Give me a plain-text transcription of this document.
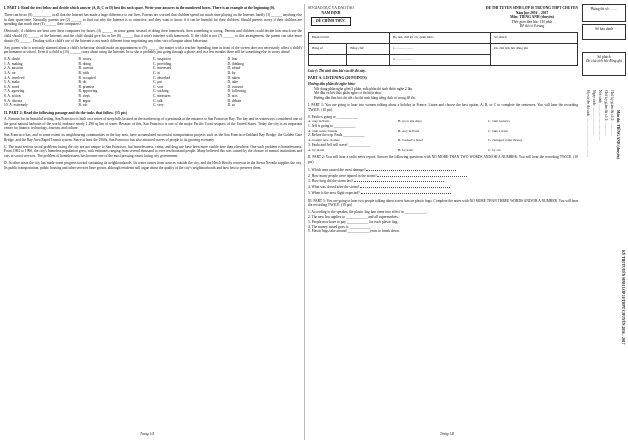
I. PART 1: Read the text below and decide which answer (A, B, C or D) best fits each space. Write your answers in the numbered boxes. There is an example at the beginning (0).

There can be no (0) __________ at all that the Internet has made a huge difference to our lives. Parents are worried that children spend too much time playing on the Internet, hardly (1) ______ anything else in their spare time. Naturally, parents are (2) ______ to find out why the Internet is so attractive, and they want to know if it can be harmful for their children. Should parents worry if their children are spending that much time (3) ______ their computers?

Obviously, if children are bent over their computers for hours, (4) ______ in some game, instead of doing their homework, then something is wrong. Parents and children could decide how much use the child should (5) ______ of the Internet, and the child should give his or her (6) ______ that it won't interfere with homework. If the child is not (7) ______ to this arrangement, the parent can take more drastic (8) ______ . Dealing with a child's use of the Internet is not much different from negotiating any other sort of bargain about behaviour.

Any parent who is seriously alarmed about a child's behaviour should make an appointment to (9) ______ the matter with a teacher. Spending time in front of the screen does not necessarily affect a child's performance at school. Even if a child is (10) ______ crazy about using the Internet, he or she is probably just going through a phase, and in a few months there will be something else to worry about!

0. A. doubt	B. worry	C. suspicion	D. fear
1. A. making	B. doing	C. providing	D. thinking
2. A. anxious	B. curious	C. interested	D. afraid
3. A. on	B. with	C. at	D. by
4. A. involved	B. occupied	C. absorbed	D. taken
5. A. make	B. do	C. put	D. take
6. A. word	B. promise	C. vow	D. consent
7. A. agreeing	B. approving	C. sticking	D. following
8. A. action	B. steps	C. measures	D. acts
9. A. discuss	B. argue	C. talk	D. debate
10. A. extremely	B. too	C. very	D. so

II. PART 2: Read the following passage and do the tasks that follow. (15 pts)

A. Famous for its beautiful setting, San Francisco is built on a series of steep hills located on the northern tip of a peninsula at the entrance to San Francisco Bay. The bay and its waterways, considered one of the great natural harbours of the world, embrace nearly 1,290 sq km of water. Because of this, San Francisco is one of the major Pacific Coast seaports of the United States. Today the city is an important center for finance, technology, tourism, and culture.

San Francisco has, and to some extent its neighbouring communities in the bay area, have accumulated successful transportation projects such as the San Francisco-Oakland Bay Bridge, the Golden Gate Bridge, and the Bay Area Rapid Transit system. Since at least the 1960s, San Francisco has also attracted waves of people to its growing economy.

C. The most serious social problems facing the city are not unique to San Francisco, but homelessness, crime, and drug use have been more visible here than elsewhere. One such problem is homelessness. From 1984 to 1990, the city's homeless population grew, with estimates ranging from several thousand to over ten thousand people. Many believed this was caused by the closure of mental institutions and cuts in social services. The problem of homelessness has become one of the most pressing issues facing city government.

D. In other areas the city has made some progress toward sustaining its neighbourhoods. Its water comes from sources outside the city, and the Hetch Hetchy reservoir in the Sierra Nevada supplies the city. Its public transportation, public housing and other services have grown, although residents still argue about the quality of the city's neighbourhoods and how best to preserve them.

Trang 1/4
SỞ GIÁO DỤC VÀ ĐÀO TẠO
NAM ĐỊNH
ĐỀ CHÍNH THỨC
ĐỀ THI TUYỂN SINH LỚP 10 TRƯỜNG THPT CHUYÊN
Năm học 2016 – 2017
Môn: TIẾNG ANH (chuyên)
Thời gian làm bài: 150 phút
Đề thi có 8 trang
Điểm bài thi		Họ tên, chữ ký các giám khảo	Số phách
Bằng số	Bằng chữ	1. ……………	Do chủ tịch hội đồng ghi
		2. ……………	

Lưu ý: Thí sinh làm bài vào đề thi này.

PART A. LISTENING (20 POINTS)

Hướng dẫn phần thi nghe hiểu:

Nội dung phần nghe gồm 3 phần, mỗi phần thí sinh được nghe 2 lần.

Mở đầu và kết thúc phần nghe có tín hiệu nhạc.

Hướng dẫn làm bài chi tiết cho thí sinh bằng tiếng Anh có trong đề thi.

I. PART 1: You are going to hear two women talking about a holiday in France. Listen and choose the best option, A, B, or C to complete the sentences. You will hear the recording TWICE. (10 pts)

0. Paula is going to ____________

A. stay in Paris	B. go to the Alps	C. visit Geneva

1. Jeff is going to ____________

A. visit some friends	B. stay in Paris	C. take a train

2. Before the trip, Paula ____________

A. bought new clothes	B. booked a hotel	C. changed some money

3. Paula and Jeff will travel ____________

A. by plane	B. by train	C. by car

II. PART 2: You will hear a radio news report. Answer the following questions with NO MORE THAN TWO WORDS AND/OR A NUMBER. You will hear the recording TWICE. (10 pts)

1. Which area caused the most damage?

2. How many people were injured in the storm?

3. How long did the storm last?

4. What was closed after the storm?

5. When is the next flight expected?

III. PART 3: You are going to hear two people talking about a new ban on plastic bags. Complete the notes with NO MORE THAN THREE WORDS AND/OR A NUMBER. You will hear the recording TWICE. (10 pts)

1. According to the speaker, the plastic bag ban came into effect in ____________.

2. The new law applies to ____________ and all supermarkets.

3. People now have to pay ____________ for each plastic bag.

4. The money raised goes to ____________.

5. Plastic bags take around ____________ years to break down.

Trang 1/8
Phòng thi số: ……
Số báo danh
Số phách
Do chủ tịch hội đồng ghi
Họ và tên thí sinh: …………………………… Ngày sinh: …………………… Nơi sinh: ………………………… Chữ ký giám thị số 1: ………… Chữ ký giám thị số 2: ………… Môn thi: TIẾNG ANH (chuyên)
KỲ THI TUYỂN SINH LỚP 10 THPT CHUYÊN 2016 – 2017
